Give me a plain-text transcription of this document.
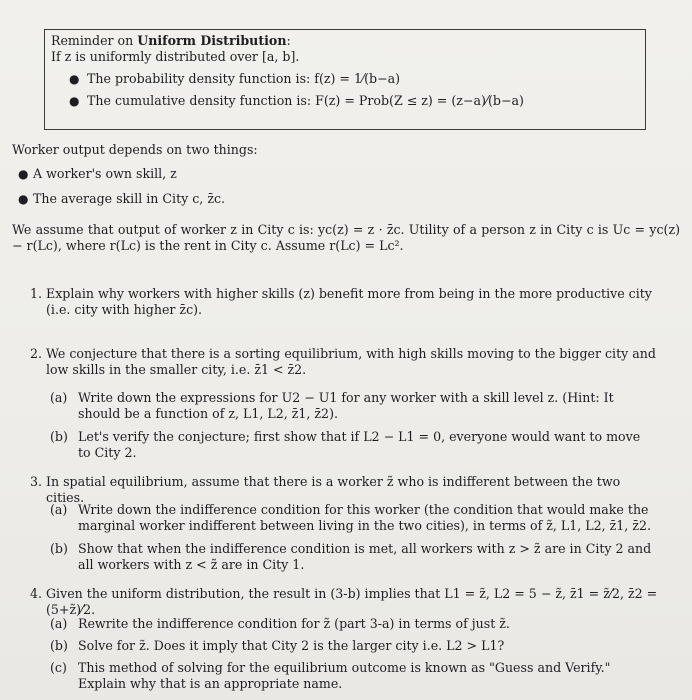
Reminder on Uniform Distribution:
If z is uniformly distributed over [a, b].
● The probability density function is: f(z) = 1⁄(b−a)
● The cumulative density function is: F(z) = Prob(Z ≤ z) = (z−a)⁄(b−a)
Worker output depends on two things:
● A worker's own skill, z
● The average skill in City c, z̄c.
We assume that output of worker z in City c is: yc(z) = z · z̄c. Utility of a person z in City c is Uc = yc(z) − r(Lc), where r(Lc) is the rent in City c. Assume r(Lc) = Lc².
1. Explain why workers with higher skills (z) benefit more from being in the more productive city (i.e. city with higher z̄c).
2. We conjecture that there is a sorting equilibrium, with high skills moving to the bigger city and low skills in the smaller city, i.e. z̄1 < z̄2.
(a) Write down the expressions for U2 − U1 for any worker with a skill level z. (Hint: It should be a function of z, L1, L2, z̄1, z̄2).
(b) Let's verify the conjecture; first show that if L2 − L1 = 0, everyone would want to move to City 2.
3. In spatial equilibrium, assume that there is a worker z̃ who is indifferent between the two cities.
(a) Write down the indifference condition for this worker (the condition that would make the marginal worker indifferent between living in the two cities), in terms of z̃, L1, L2, z̄1, z̄2.
(b) Show that when the indifference condition is met, all workers with z > z̃ are in City 2 and all workers with z < z̃ are in City 1.
4. Given the uniform distribution, the result in (3-b) implies that L1 = z̃, L2 = 5 − z̃, z̄1 = z̃⁄2, z̄2 = (5+z̃)⁄2.
(a) Rewrite the indifference condition for z̃ (part 3-a) in terms of just z̃.
(b) Solve for z̃. Does it imply that City 2 is the larger city i.e. L2 > L1?
(c) This method of solving for the equilibrium outcome is known as "Guess and Verify." Explain why that is an appropriate name.
